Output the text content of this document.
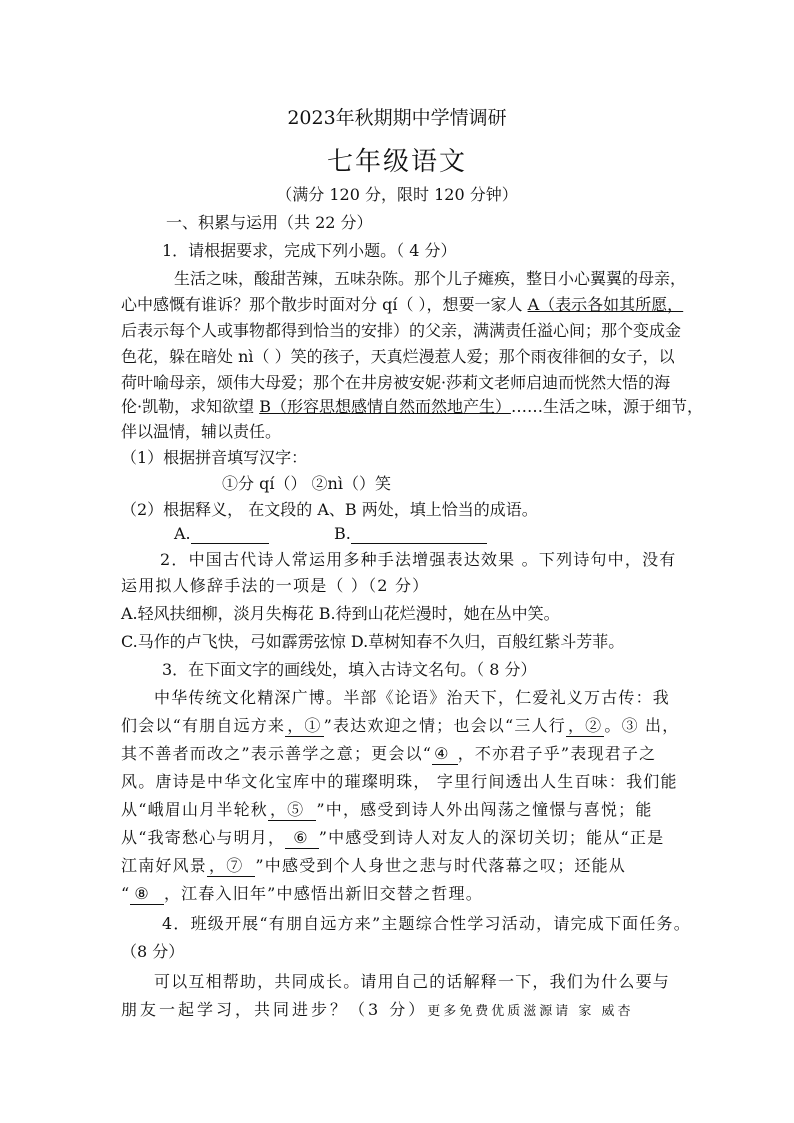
2023年秋期期中学情调研
七年级语文
（满分 120 分，限时 120 分钟）
一、积累与运用（共 22 分）
1．请根据要求，完成下列小题。（ 4 分）
生活之味，酸甜苦辣，五味杂陈。那个儿子瘫痪，整日小心翼翼的母亲，
心中感慨有谁诉？那个散步时面对分 qí（ ），想要一家人 A（表示各如其所愿，
后表示每个人或事物都得到恰当的安排）的父亲，满满责任溢心间；那个变成金
色花，躲在暗处 nì（ ）笑的孩子，天真烂漫惹人爱；那个雨夜徘徊的女子，以
荷叶喻母亲，颂伟大母爱；那个在井房被安妮·莎莉文老师启迪而恍然大悟的海
伦·凯勒，求知欲望 B（形容思想感情自然而然地产生）……生活之味，源于细节，
伴以温情，辅以责任。
（1）根据拼音填写汉字：
①分 qí（） ②nì（）笑
（2）根据释义， 在文段的 A、B 两处，填上恰当的成语。
A.	B.
2．中国古代诗人常运用多种手法增强表达效果 。下列诗句中，没有
运用拟人修辞手法的一项是（ ）（2 分）
A.轻风扶细柳，淡月失梅花 B.待到山花烂漫时，她在丛中笑。
C.马作的卢飞快，弓如霹雳弦惊 D.草树知春不久归，百般红紫斗芳菲。
3．在下面文字的画线处，填入古诗文名句。（ 8 分）
中华传统文化精深广博。半部《论语》治天下，仁爱礼义万古传：我
们会以“有朋自远方来 ，① ”表达欢迎之情；也会以“三人行 ，② 。③ 出，
其不善者而改之”表示善学之意；更会以“ ④ ，不亦君子乎”表现君子之
风。唐诗是中华文化宝库中的璀璨明珠， 字里行间透出人生百味：我们能
从“峨眉山月半轮秋 ，⑤ ”中，感受到诗人外出闯荡之憧憬与喜悦；能
从“我寄愁心与明月， ⑥ ”中感受到诗人对友人的深切关切；能从“正是
江南好风景 ，⑦ ”中感受到个人身世之悲与时代落幕之叹；还能从
“ ⑧ ，江春入旧年”中感悟出新旧交替之哲理。
4．班级开展“有朋自远方来”主题综合性学习活动，请完成下面任务。
（8 分）
可以互相帮助，共同成长。请用自己的话解释一下，我们为什么要与
朋友一起学习，共同进步？（3 分）更多免费优质滋源请 家 威杏
